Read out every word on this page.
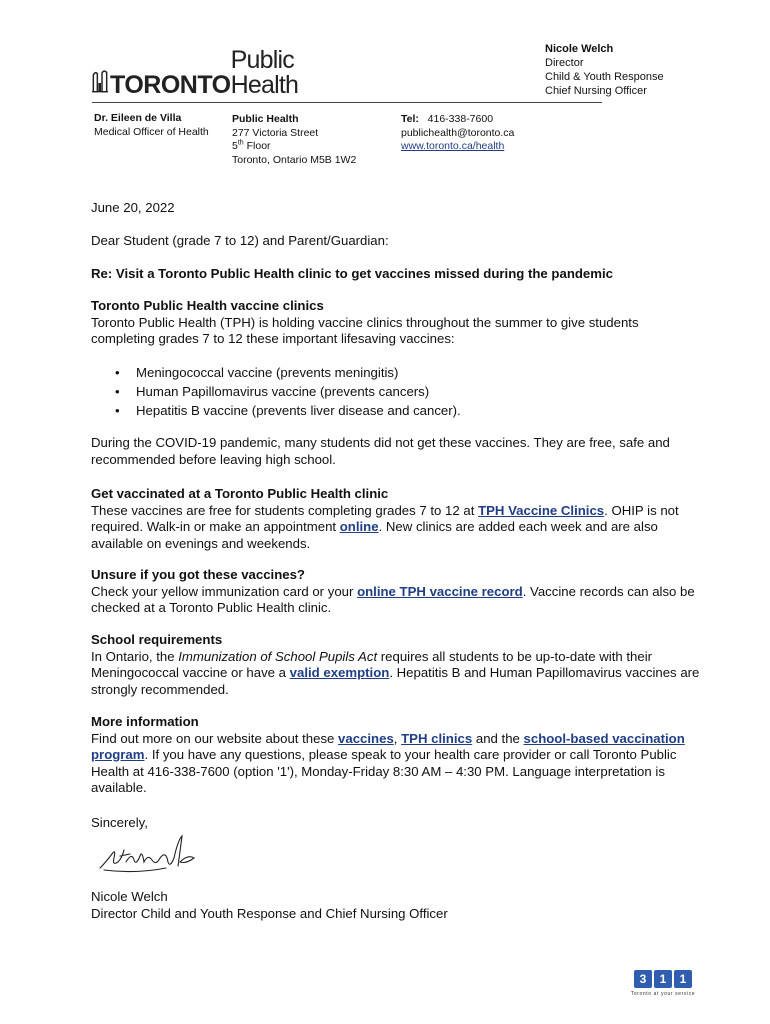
TORONTO
Public Health
Nicole Welch
Director
Child & Youth Response
Chief Nursing Officer
Dr. Eileen de Villa
Medical Officer of Health
Public Health
277 Victoria Street
5th Floor
Toronto, Ontario M5B 1W2
Tel: 416-338-7600
publichealth@toronto.ca
www.toronto.ca/health
June 20, 2022
Dear Student (grade 7 to 12) and Parent/Guardian:
Re: Visit a Toronto Public Health clinic to get vaccines missed during the pandemic
Toronto Public Health vaccine clinics
Toronto Public Health (TPH) is holding vaccine clinics throughout the summer to give students completing grades 7 to 12 these important lifesaving vaccines:
• Meningococcal vaccine (prevents meningitis)
• Human Papillomavirus vaccine (prevents cancers)
• Hepatitis B vaccine (prevents liver disease and cancer).
During the COVID-19 pandemic, many students did not get these vaccines. They are free, safe and recommended before leaving high school.
Get vaccinated at a Toronto Public Health clinic
These vaccines are free for students completing grades 7 to 12 at TPH Vaccine Clinics. OHIP is not required. Walk-in or make an appointment online. New clinics are added each week and are also available on evenings and weekends.
Unsure if you got these vaccines?
Check your yellow immunization card or your online TPH vaccine record. Vaccine records can also be checked at a Toronto Public Health clinic.
School requirements
In Ontario, the Immunization of School Pupils Act requires all students to be up-to-date with their Meningococcal vaccine or have a valid exemption. Hepatitis B and Human Papillomavirus vaccines are strongly recommended.
More information
Find out more on our website about these vaccines, TPH clinics and the school-based vaccination program. If you have any questions, please speak to your health care provider or call Toronto Public Health at 416-338-7600 (option '1'), Monday-Friday 8:30 AM – 4:30 PM. Language interpretation is available.
Sincerely,
Nicole Welch
Director Child and Youth Response and Chief Nursing Officer
3	1	1
Toronto at your service
